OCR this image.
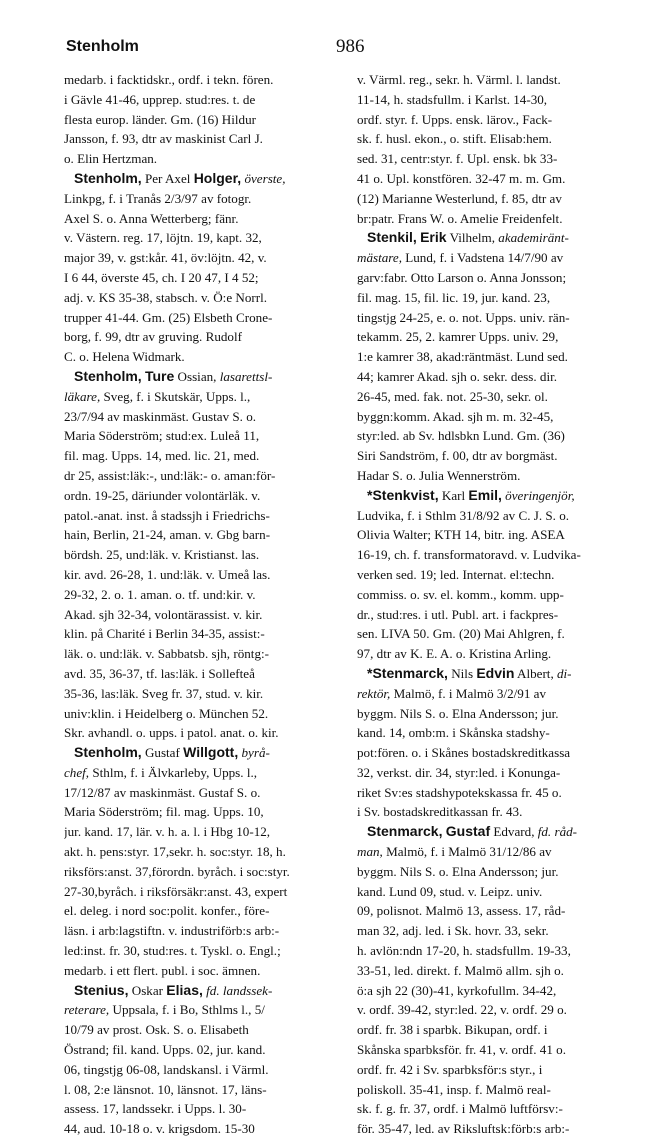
Stenholm	986
medarb. i facktidskr., ordf. i tekn. fören.
i Gävle 41-46, upprep. stud:res. t. de
flesta europ. länder. Gm. (16) Hildur
Jansson, f. 93, dtr av maskinist Carl J.
o. Elin Hertzman.
Stenholm, Per Axel Holger,
överste,
Linkpg, f. i Tranås 2/3/97 av fotogr.
Axel S. o. Anna Wetterberg; fänr.
v. Västern. reg. 17, löjtn. 19, kapt. 32,
major 39, v. gst:kår. 41, öv:löjtn. 42, v.
I 6 44, överste 45, ch. I 20 47, I 4 52;
adj. v. KS 35-38, stabsch. v. Ö:e Norrl.
trupper 41-44. Gm. (25) Elsbeth Crone-
borg, f. 99, dtr av gruving. Rudolf
C. o. Helena Widmark.
Stenholm,
Ture Ossian, lasarettsl-
läkare, Sveg, f. i Skutskär, Upps. l.,
23/7/94 av maskinmäst. Gustav S. o.
Maria Söderström; stud:ex. Luleå 11,
fil. mag. Upps. 14, med. lic. 21, med.
dr 25, assist:läk:-, und:läk:- o. aman:för-
ordn. 19-25, däriunder volontärläk. v.
patol.-anat. inst. å stadssjh i Friedrichs-
hain, Berlin, 21-24, aman. v. Gbg barn-
bördsh. 25, und:läk. v. Kristianst. las.
kir. avd. 26-28, 1. und:läk. v. Umeå las.
29-32, 2. o. 1. aman. o. tf. und:kir. v.
Akad. sjh 32-34, volontärassist. v. kir.
klin. på Charité i Berlin 34-35, assist:-
läk. o. und:läk. v. Sabbatsb. sjh, röntg:-
avd. 35, 36-37, tf. las:läk. i Sollefteå
35-36, las:läk. Sveg fr. 37, stud. v. kir.
univ:klin. i Heidelberg o. München 52.
Skr. avhandl. o. upps. i patol. anat. o. kir.
Stenholm, Gustaf Willgott,
byrå-
chef, Sthlm, f. i Älvkarleby, Upps. l.,
17/12/87 av maskinmäst. Gustaf S. o.
Maria Söderström; fil. mag. Upps. 10,
jur. kand. 17, lär. v. h. a. l. i Hbg 10-12,
akt. h. pens:styr. 17,sekr. h. soc:styr. 18, h.
riksförs:anst. 37,förordn. byråch. i soc:styr.
27-30,byråch. i riksförsäkr:anst. 43, expert
el. deleg. i nord soc:polit. konfer., före-
läsn. i arb:lagstiftn. v. industriförb:s arb:-
led:inst. fr. 30, stud:res. t. Tyskl. o. Engl.;
medarb. i ett flert. publ. i soc. ämnen.
Stenius, Oskar Elias,
fd. landssek-
reterare, Uppsala, f. i Bo, Sthlms l., 5/
10/79 av prost. Osk. S. o. Elisabeth
Östrand; fil. kand. Upps. 02, jur. kand.
06, tingstjg 06-08, landskansl. i Värml.
l. 08, 2:e länsnot. 10, länsnot. 17, läns-
assess. 17, landssekr. i Upps. l. 30-
44, aud. 10-18 o. v. krigsdom. 15-30
v. Värml. reg., sekr. h. Värml. l. landst.
11-14, h. stadsfullm. i Karlst. 14-30,
ordf. styr. f. Upps. ensk. lärov., Fack-
sk. f. husl. ekon., o. stift. Elisab:hem.
sed. 31, centr:styr. f. Upl. ensk. bk 33-
41 o. Upl. konstfören. 32-47 m. m. Gm.
(12) Marianne Westerlund, f. 85, dtr av
br:patr. Frans W. o. Amelie Freidenfelt.
Stenkil,
Erik Vilhelm, akademiränt-
mästare, Lund, f. i Vadstena 14/7/90 av
garv:fabr. Otto Larson o. Anna Jonsson;
fil. mag. 15, fil. lic. 19, jur. kand. 23,
tingstjg 24-25, e. o. not. Upps. univ. rän-
tekamm. 25, 2. kamrer Upps. univ. 29,
1:e kamrer 38, akad:räntmäst. Lund sed.
44; kamrer Akad. sjh o. sekr. dess. dir.
26-45, med. fak. not. 25-30, sekr. ol.
byggn:komm. Akad. sjh m. m. 32-45,
styr:led. ab Sv. hdlsbkn Lund. Gm. (36)
Siri Sandström, f. 00, dtr av borgmäst.
Hadar S. o. Julia Wennerström.
*Stenkvist, Karl Emil,
överingenjör,
Ludvika, f. i Sthlm 31/8/92 av C. J. S. o.
Olivia Walter; KTH 14, bitr. ing. ASEA
16-19, ch. f. transformatoravd. v. Ludvika-
verken sed. 19; led. Internat. el:techn.
commiss. o. sv. el. komm., komm. upp-
dr., stud:res. i utl. Publ. art. i fackpres-
sen. LIVA 50. Gm. (20) Mai Ahlgren, f.
97, dtr av K. E. A. o. Kristina Arling.
*Stenmarck, Nils Edvin Albert, di-
rektör, Malmö, f. i Malmö 3/2/91 av
byggm. Nils S. o. Elna Andersson; jur.
kand. 14, omb:m. i Skånska stadshy-
pot:fören. o. i Skånes bostadskreditkassa
32, verkst. dir. 34, styr:led. i Konunga-
riket Sv:es stadshypotekskassa fr. 45 o.
i Sv. bostadskreditkassan fr. 43.
Stenmarck,
Gustaf Edvard, fd. råd-
man, Malmö, f. i Malmö 31/12/86 av
byggm. Nils S. o. Elna Andersson; jur.
kand. Lund 09, stud. v. Leipz. univ.
09, polisnot. Malmö 13, assess. 17, råd-
man 32, adj. led. i Sk. hovr. 33, sekr.
h. avlön:ndn 17-20, h. stadsfullm. 19-33,
33-51, led. direkt. f. Malmö allm. sjh o.
ö:a sjh 22 (30)-41, kyrkofullm. 34-42,
v. ordf. 39-42, styr:led. 22, v. ordf. 29 o.
ordf. fr. 38 i sparbk. Bikupan, ordf. i
Skånska sparbksför. fr. 41, v. ordf. 41 o.
ordf. fr. 42 i Sv. sparbksför:s styr., i
poliskoll. 35-41, insp. f. Malmö real-
sk. f. g. fr. 37, ordf. i Malmö luftförsv:-
för. 35-47, led. av Riksluftsk:förb:s arb:-
